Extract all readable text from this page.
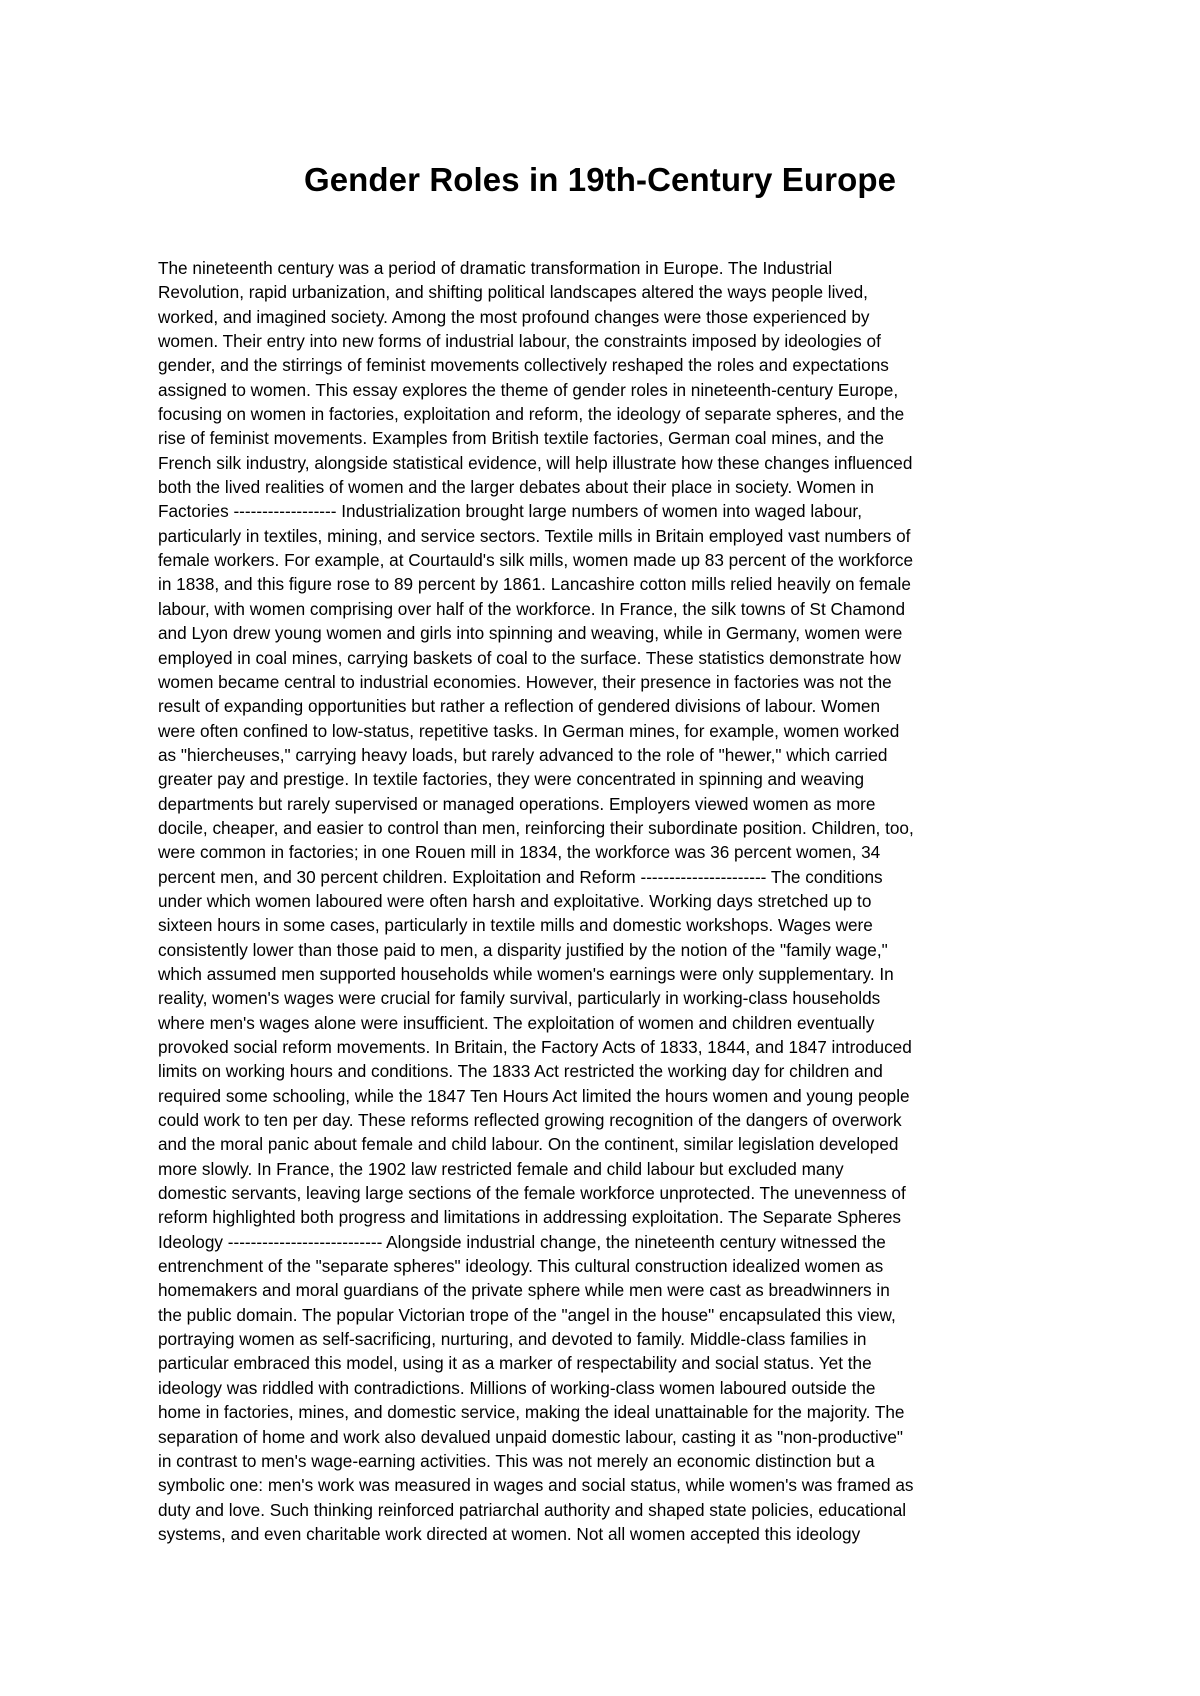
Gender Roles in 19th-Century Europe
The nineteenth century was a period of dramatic transformation in Europe. The Industrial
Revolution, rapid urbanization, and shifting political landscapes altered the ways people lived,
worked, and imagined society. Among the most profound changes were those experienced by
women. Their entry into new forms of industrial labour, the constraints imposed by ideologies of
gender, and the stirrings of feminist movements collectively reshaped the roles and expectations
assigned to women. This essay explores the theme of gender roles in nineteenth-century Europe,
focusing on women in factories, exploitation and reform, the ideology of separate spheres, and the
rise of feminist movements. Examples from British textile factories, German coal mines, and the
French silk industry, alongside statistical evidence, will help illustrate how these changes influenced
both the lived realities of women and the larger debates about their place in society. Women in
Factories ------------------ Industrialization brought large numbers of women into waged labour,
particularly in textiles, mining, and service sectors. Textile mills in Britain employed vast numbers of
female workers. For example, at Courtauld's silk mills, women made up 83 percent of the workforce
in 1838, and this figure rose to 89 percent by 1861. Lancashire cotton mills relied heavily on female
labour, with women comprising over half of the workforce. In France, the silk towns of St Chamond
and Lyon drew young women and girls into spinning and weaving, while in Germany, women were
employed in coal mines, carrying baskets of coal to the surface. These statistics demonstrate how
women became central to industrial economies. However, their presence in factories was not the
result of expanding opportunities but rather a reflection of gendered divisions of labour. Women
were often confined to low-status, repetitive tasks. In German mines, for example, women worked
as "hiercheuses," carrying heavy loads, but rarely advanced to the role of "hewer," which carried
greater pay and prestige. In textile factories, they were concentrated in spinning and weaving
departments but rarely supervised or managed operations. Employers viewed women as more
docile, cheaper, and easier to control than men, reinforcing their subordinate position. Children, too,
were common in factories; in one Rouen mill in 1834, the workforce was 36 percent women, 34
percent men, and 30 percent children. Exploitation and Reform ---------------------- The conditions
under which women laboured were often harsh and exploitative. Working days stretched up to
sixteen hours in some cases, particularly in textile mills and domestic workshops. Wages were
consistently lower than those paid to men, a disparity justified by the notion of the "family wage,"
which assumed men supported households while women's earnings were only supplementary. In
reality, women's wages were crucial for family survival, particularly in working-class households
where men's wages alone were insufficient. The exploitation of women and children eventually
provoked social reform movements. In Britain, the Factory Acts of 1833, 1844, and 1847 introduced
limits on working hours and conditions. The 1833 Act restricted the working day for children and
required some schooling, while the 1847 Ten Hours Act limited the hours women and young people
could work to ten per day. These reforms reflected growing recognition of the dangers of overwork
and the moral panic about female and child labour. On the continent, similar legislation developed
more slowly. In France, the 1902 law restricted female and child labour but excluded many
domestic servants, leaving large sections of the female workforce unprotected. The unevenness of
reform highlighted both progress and limitations in addressing exploitation. The Separate Spheres
Ideology --------------------------- Alongside industrial change, the nineteenth century witnessed the
entrenchment of the "separate spheres" ideology. This cultural construction idealized women as
homemakers and moral guardians of the private sphere while men were cast as breadwinners in
the public domain. The popular Victorian trope of the "angel in the house" encapsulated this view,
portraying women as self-sacrificing, nurturing, and devoted to family. Middle-class families in
particular embraced this model, using it as a marker of respectability and social status. Yet the
ideology was riddled with contradictions. Millions of working-class women laboured outside the
home in factories, mines, and domestic service, making the ideal unattainable for the majority. The
separation of home and work also devalued unpaid domestic labour, casting it as "non-productive"
in contrast to men's wage-earning activities. This was not merely an economic distinction but a
symbolic one: men's work was measured in wages and social status, while women's was framed as
duty and love. Such thinking reinforced patriarchal authority and shaped state policies, educational
systems, and even charitable work directed at women. Not all women accepted this ideology
